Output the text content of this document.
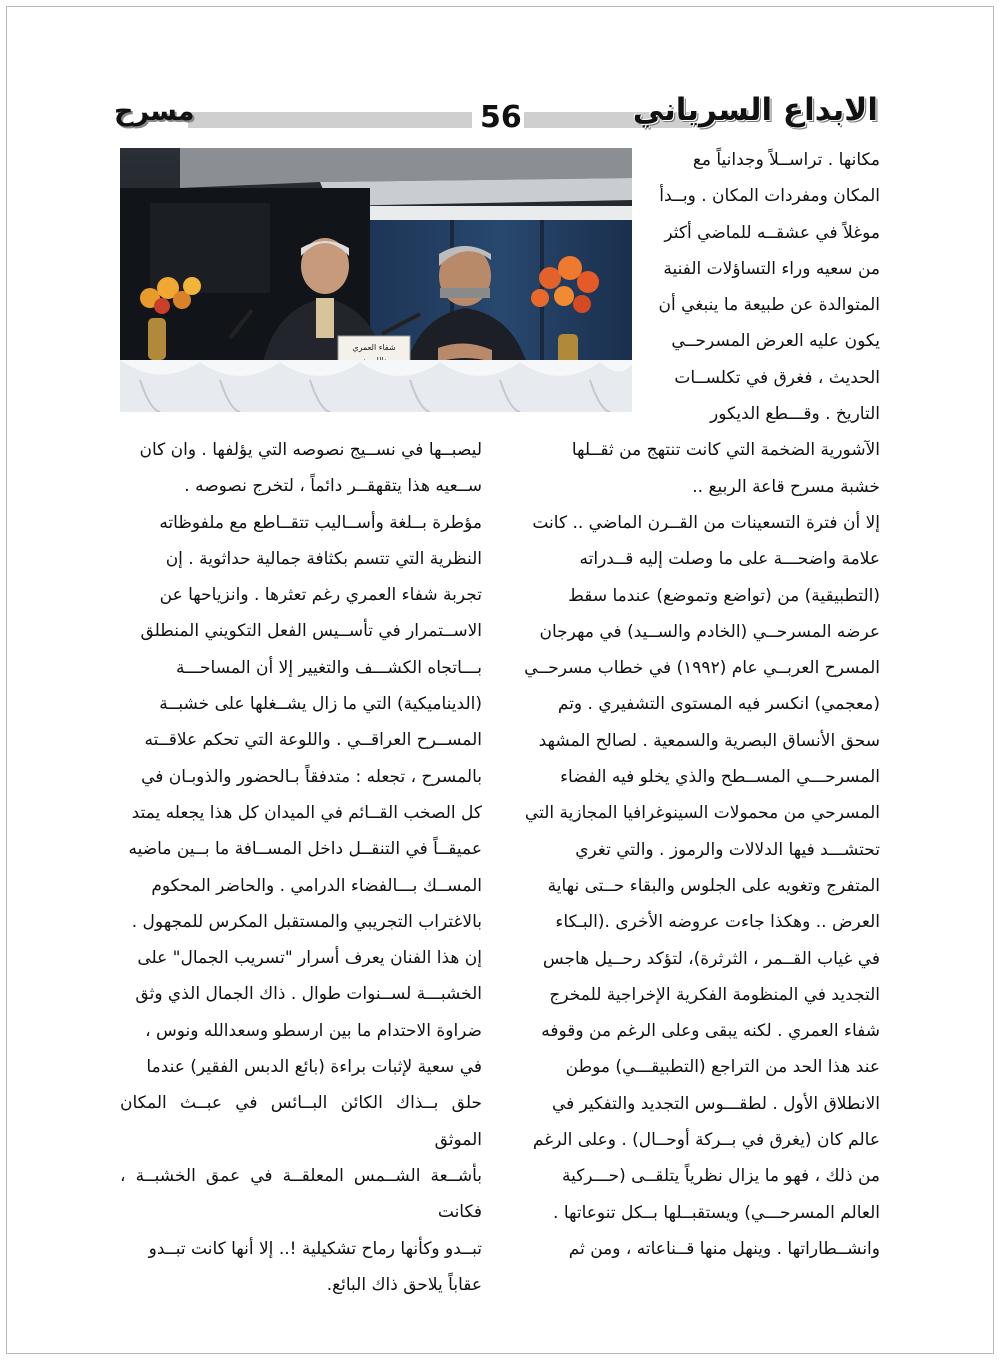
الابداع السرياني
56
مسرح
شفاء العمري

مكانها . تراســلاً وجدانياً مع

المكان ومفردات المكان . وبــدأ

موغلاً في عشقــه للماضي أكثر

من سعيه وراء التساؤلات الفنية

المتوالدة عن طبيعة ما ينبغي أن

يكون عليه العرض المسرحــي

الحديث ، فغرق في تكلســات

التاريخ . وقـــطع الديكور

الآشورية الضخمة التي كانت تنتهج من ثقــلها

خشبة مسرح قاعة الربيع ..

إلا أن فترة التسعينات من القــرن الماضي .. كانت

علامة واضحـــة على ما وصلت إليه قــدراته

(التطبيقية) من (تواضع وتموضع) عندما سقط

عرضه المسرحــي (الخادم والســيد) في مهرجان

المسرح العربــي عام (١٩٩٢) في خطاب مسرحــي

(معجمي) انكسر فيه المستوى التشفيري . وتم

سحق الأنساق البصرية والسمعية . لصالح المشهد

المسرحـــي المســطح والذي يخلو فيه الفضاء

المسرحي من محمولات السينوغرافيا المجازية التي

تحتشـــد فيها الدلالات والرموز . والتي تغري

المتفرج وتغويه على الجلوس والبقاء حــتى نهاية

العرض .. وهكذا جاءت عروضه الأخرى .(البـكاء

في غياب القــمر ، الثرثرة)، لتؤكد رحــيل هاجس

التجديد في المنظومة الفكرية الإخراجية للمخرج

شفاء العمري . لكنه يبقى وعلى الرغم من وقوفه

عند هذا الحد من التراجع (التطبيقـــي) موطن

الانطلاق الأول . لطقـــوس التجديد والتفكير في

عالم كان (يغرق في بــركة أوحــال) . وعلى الرغم

من ذلك ، فهو ما يزال نظرياً يتلقــى (حـــركية

العالم المسرحـــي) ويستقبــلها بــكل تنوعاتها .

وانشــطاراتها . وينهل منها قــناعاته ، ومن ثم

ليصبــها في نســيج نصوصه التي يؤلفها . وان كان

ســعيه هذا يتقهقــر دائماً ، لتخرج نصوصه .

مؤطرة بــلغة وأســاليب تتقــاطع مع ملفوظاته

النظرية التي تتسم بكثافة جمالية حداثوية . إن

تجربة شفاء العمري رغم تعثرها . وانزياحها عن

الاســتمرار في تأســيس الفعل التكويني المنطلق

بـــاتجاه الكشـــف والتغيير إلا أن المساحـــة

(الديناميكية) التي ما زال يشــغلها على خشبــة

المســرح العراقــي . واللوعة التي تحكم علاقــته

بالمسرح ، تجعله : متدفقاً بـالحضور والذوبـان في

كل الصخب القــائم في الميدان كل هذا يجعله يمتد

عميقــاً في التنقــل داخل المســافة ما بــين ماضيه

المســك بـــالفضاء الدرامي . والحاضر المحكوم

بالاغتراب التجريبي والمستقبل المكرس للمجهول .

إن هذا الفنان يعرف أسرار "تسريب الجمال" على

الخشبـــة لســنوات طوال . ذاك الجمال الذي وثق

ضراوة الاحتدام ما بين ارسطو وسعدالله ونوس ،

في سعية لإثبات براءة (بائع الدبس الفقير) عندما

حلق بــذاك الكائن البــائس في عبــث المكان الموثق

بأشــعة الشــمس المعلقــة في عمق الخشبــة ، فكانت

تبــدو وكأنها رماح تشكيلية !.. إلا أنها كانت تبــدو

عقاباً يلاحق ذاك البائع.
